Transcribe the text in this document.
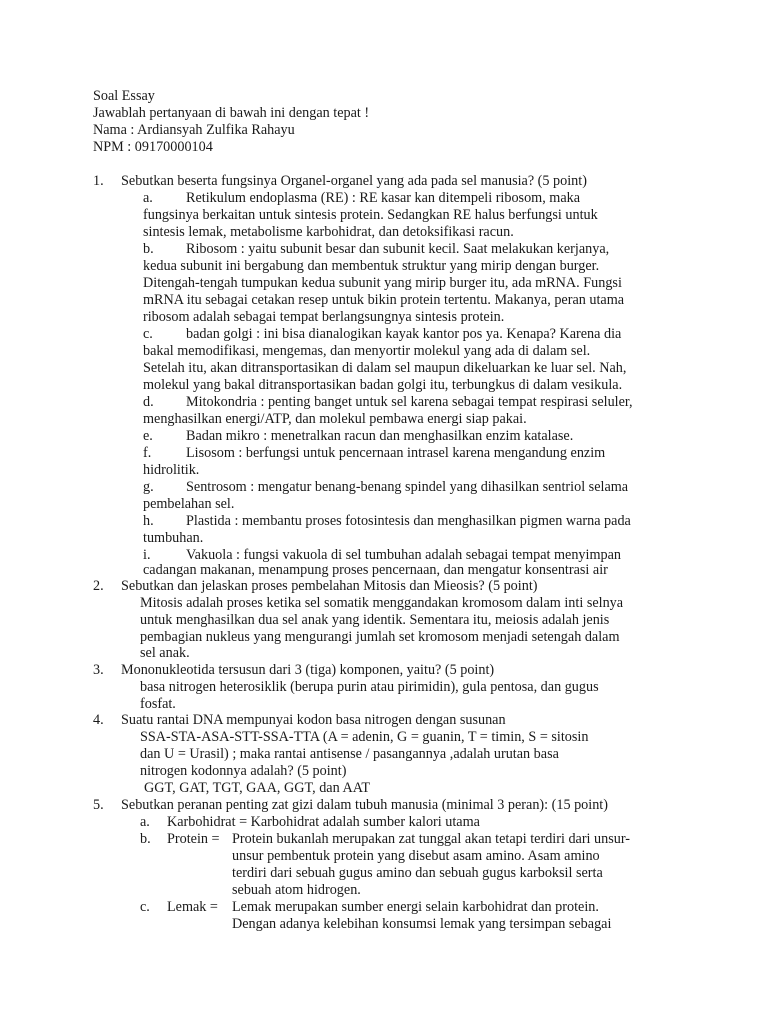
Soal Essay
Jawablah pertanyaan di bawah ini dengan tepat !
Nama : Ardiansyah Zulfika Rahayu
NPM : 09170000104
1. Sebutkan beserta fungsinya Organel-organel yang ada pada sel manusia? (5 point)
a. Retikulum endoplasma (RE) : RE kasar kan ditempeli ribosom, maka
fungsinya berkaitan untuk sintesis protein. Sedangkan RE halus berfungsi untuk
sintesis lemak, metabolisme karbohidrat, dan detoksifikasi racun.
b. Ribosom : yaitu subunit besar dan subunit kecil. Saat melakukan kerjanya,
kedua subunit ini bergabung dan membentuk struktur yang mirip dengan burger.
Ditengah-tengah tumpukan kedua subunit yang mirip burger itu, ada mRNA. Fungsi
mRNA itu sebagai cetakan resep untuk bikin protein tertentu. Makanya, peran utama
ribosom adalah sebagai tempat berlangsungnya sintesis protein.
c. badan golgi : ini bisa dianalogikan kayak kantor pos ya. Kenapa? Karena dia
bakal memodifikasi, mengemas, dan menyortir molekul yang ada di dalam sel.
Setelah itu, akan ditransportasikan di dalam sel maupun dikeluarkan ke luar sel. Nah,
molekul yang bakal ditransportasikan badan golgi itu, terbungkus di dalam vesikula.
d. Mitokondria : penting banget untuk sel karena sebagai tempat respirasi seluler,
menghasilkan energi/ATP, dan molekul pembawa energi siap pakai.
e. Badan mikro : menetralkan racun dan menghasilkan enzim katalase.
f. Lisosom : berfungsi untuk pencernaan intrasel karena mengandung enzim
hidrolitik.
g. Sentrosom : mengatur benang-benang spindel yang dihasilkan sentriol selama
pembelahan sel.
h. Plastida : membantu proses fotosintesis dan menghasilkan pigmen warna pada
tumbuhan.
i.	Vakuola : fungsi vakuola di sel tumbuhan adalah sebagai tempat menyimpan
cadangan makanan, menampung proses pencernaan, dan mengatur konsentrasi air
2. Sebutkan dan jelaskan proses pembelahan Mitosis dan Mieosis? (5 point)
Mitosis adalah proses ketika sel somatik menggandakan kromosom dalam inti selnya
untuk menghasilkan dua sel anak yang identik. Sementara itu, meiosis adalah jenis
pembagian nukleus yang mengurangi jumlah set kromosom menjadi setengah dalam
sel anak.
3. Mononukleotida tersusun dari 3 (tiga) komponen, yaitu? (5 point)
basa nitrogen heterosiklik (berupa purin atau pirimidin), gula pentosa, dan gugus
fosfat.
4. Suatu rantai DNA mempunyai kodon basa nitrogen dengan susunan
SSA-STA-ASA-STT-SSA-TTA (A = adenin, G = guanin, T = timin, S = sitosin
dan U = Urasil) ; maka rantai antisense / pasangannya ,adalah urutan basa
nitrogen kodonnya adalah? (5 point)
GGT, GAT, TGT, GAA, GGT, dan AAT
5. Sebutkan peranan penting zat gizi dalam tubuh manusia (minimal 3 peran): (15 point)
a. Karbohidrat = Karbohidrat adalah sumber kalori utama
b. Protein = Protein bukanlah merupakan zat tunggal akan tetapi terdiri dari unsur-
unsur pembentuk protein yang disebut asam amino. Asam amino
terdiri dari sebuah gugus amino dan sebuah gugus karboksil serta
sebuah atom hidrogen.
c. Lemak = Lemak merupakan sumber energi selain karbohidrat dan protein.
Dengan adanya kelebihan konsumsi lemak yang tersimpan sebagai
